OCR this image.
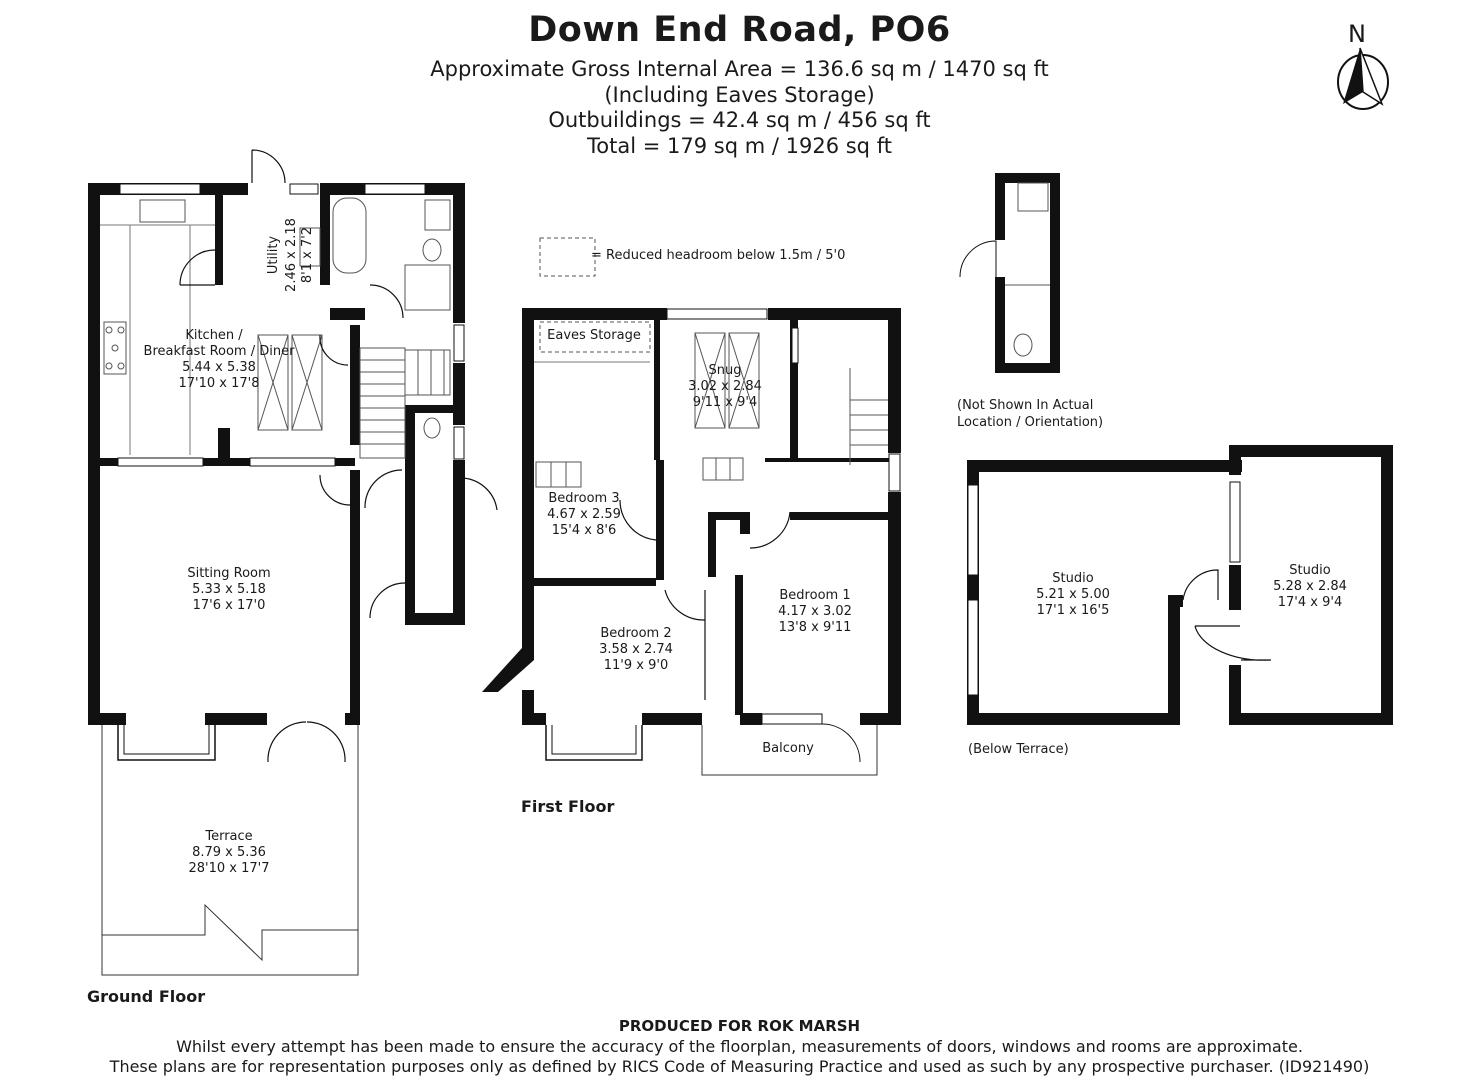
Down End Road, PO6
Approximate Gross Internal Area = 136.6 sq m / 1470 sq ft
(Including Eaves Storage)
Outbuildings = 42.4 sq m / 456 sq ft
Total = 179 sq m / 1926 sq ft
N
= Reduced headroom below 1.5m / 5'0
Utility 2.46 x 2.18 8'1 x 7'2
Kitchen /
Breakfast Room / Diner
5.44 x 5.38
17'10 x 17'8
Sitting Room
5.33 x 5.18
17'6 x 17'0
Terrace
8.79 x 5.36
28'10 x 17'7
Ground Floor
Eaves Storage
Snug
3.02 x 2.84
9'11 x 9'4
Bedroom 3
4.67 x 2.59
15'4 x 8'6
Bedroom 2
3.58 x 2.74
11'9 x 9'0
Bedroom 1
4.17 x 3.02
13'8 x 9'11
Balcony
First Floor
(Not Shown In Actual
Location / Orientation)
Studio
5.21 x 5.00
17'1 x 16'5
Studio
5.28 x 2.84
17'4 x 9'4
(Below Terrace)
PRODUCED FOR ROK MARSH
Whilst every attempt has been made to ensure the accuracy of the floorplan, measurements of doors, windows and rooms are approximate.
These plans are for representation purposes only as defined by RICS Code of Measuring Practice and used as such by any prospective purchaser. (ID921490)
